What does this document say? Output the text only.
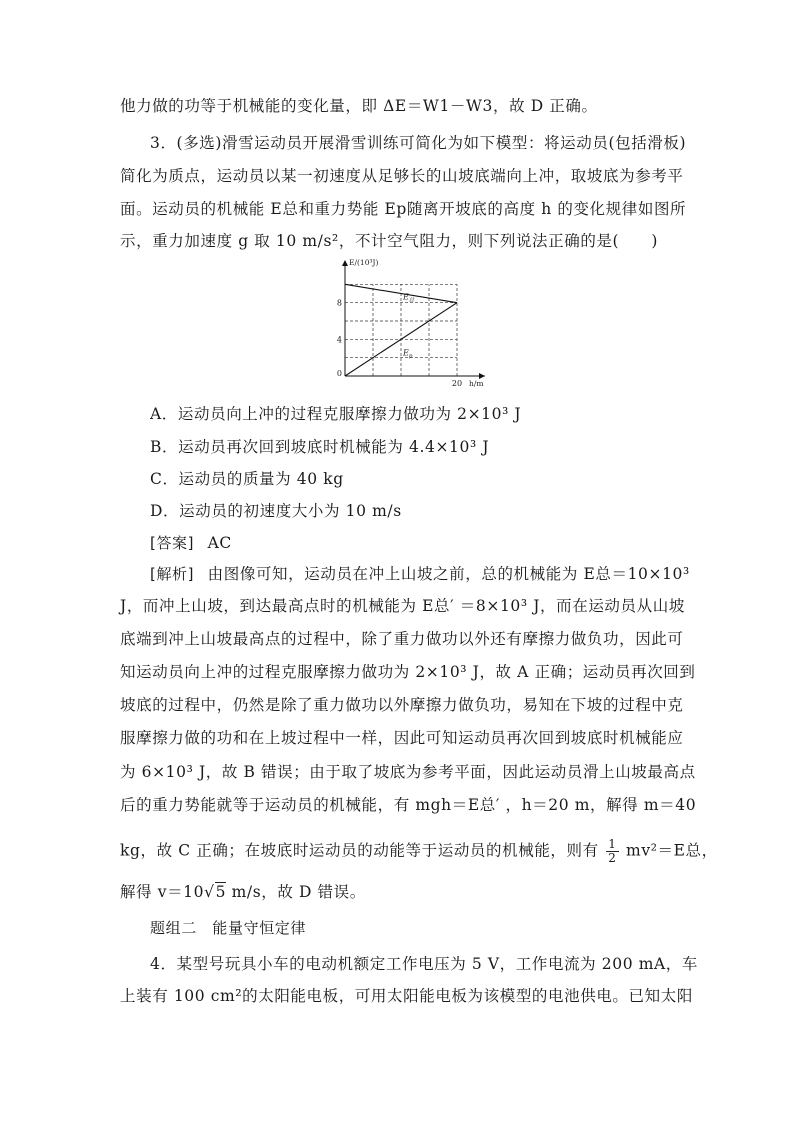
他力做的功等于机械能的变化量，即 ΔE＝W1－W3，故 D 正确。
3．(多选)滑雪运动员开展滑雪训练可简化为如下模型：将运动员(包括滑板)
简化为质点，运动员以某一初速度从足够长的山坡底端向上冲，取坡底为参考平
面。运动员的机械能 E总和重力势能 Ep随离开坡底的高度 h 的变化规律如图所
示，重力加速度 g 取 10 m/s²，不计空气阻力，则下列说法正确的是(　　)
$E_总$
$E_p$
0
4
8
20
E/(10³J)
h/m
A．运动员向上冲的过程克服摩擦力做功为 2×10³ J
B．运动员再次回到坡底时机械能为 4.4×10³ J
C．运动员的质量为 40 kg
D．运动员的初速度大小为 10 m/s
[答案] AC
[解析] 由图像可知，运动员在冲上山坡之前，总的机械能为 E总＝10×10³
J，而冲上山坡，到达最高点时的机械能为 E总′ ＝8×10³ J，而在运动员从山坡
底端到冲上山坡最高点的过程中，除了重力做功以外还有摩擦力做负功，因此可
知运动员向上冲的过程克服摩擦力做功为 2×10³ J，故 A 正确；运动员再次回到
坡底的过程中，仍然是除了重力做功以外摩擦力做负功，易知在下坡的过程中克
服摩擦力做的功和在上坡过程中一样，因此可知运动员再次回到坡底时机械能应
为 6×10³ J，故 B 错误；由于取了坡底为参考平面，因此运动员滑上山坡最高点
后的重力势能就等于运动员的机械能，有 mgh＝E总′ ，h＝20 m，解得 m＝40
kg，故 C 正确；在坡底时运动员的动能等于运动员的机械能，则有 $\frac{1}{2} mv^2=E$总，
解得 v＝10√5 m/s，故 D 错误。
题组二　能量守恒定律
4．某型号玩具小车的电动机额定工作电压为 5 V，工作电流为 200 mA，车
上装有 100 cm²的太阳能电板，可用太阳能电板为该模型的电池供电。已知太阳
